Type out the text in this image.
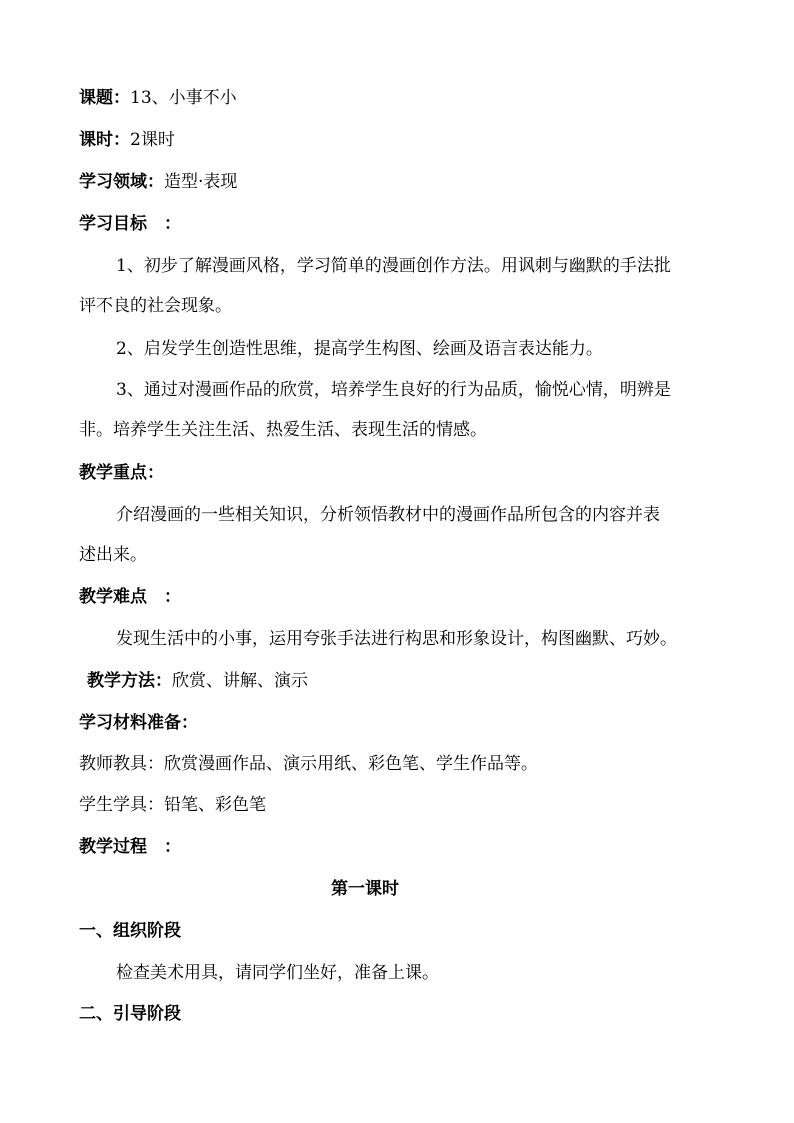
课题：13、小事不小
课时：2课时
学习领域：造型·表现
学习目标　：
1、初步了解漫画风格，学习简单的漫画创作方法。用讽刺与幽默的手法批
评不良的社会现象。
2、启发学生创造性思维，提高学生构图、绘画及语言表达能力。
3、通过对漫画作品的欣赏，培养学生良好的行为品质，愉悦心情，明辨是
非。培养学生关注生活、热爱生活、表现生活的情感。
教学重点：
介绍漫画的一些相关知识，分析领悟教材中的漫画作品所包含的内容并表
述出来。
教学难点　：
发现生活中的小事，运用夸张手法进行构思和形象设计，构图幽默、巧妙。
教学方法：欣赏、讲解、演示
学习材料准备：
教师教具：欣赏漫画作品、演示用纸、彩色笔、学生作品等。
学生学具：铅笔、彩色笔
教学过程　：
第一课时
一、组织阶段
检查美术用具，请同学们坐好，准备上课。
二、引导阶段
